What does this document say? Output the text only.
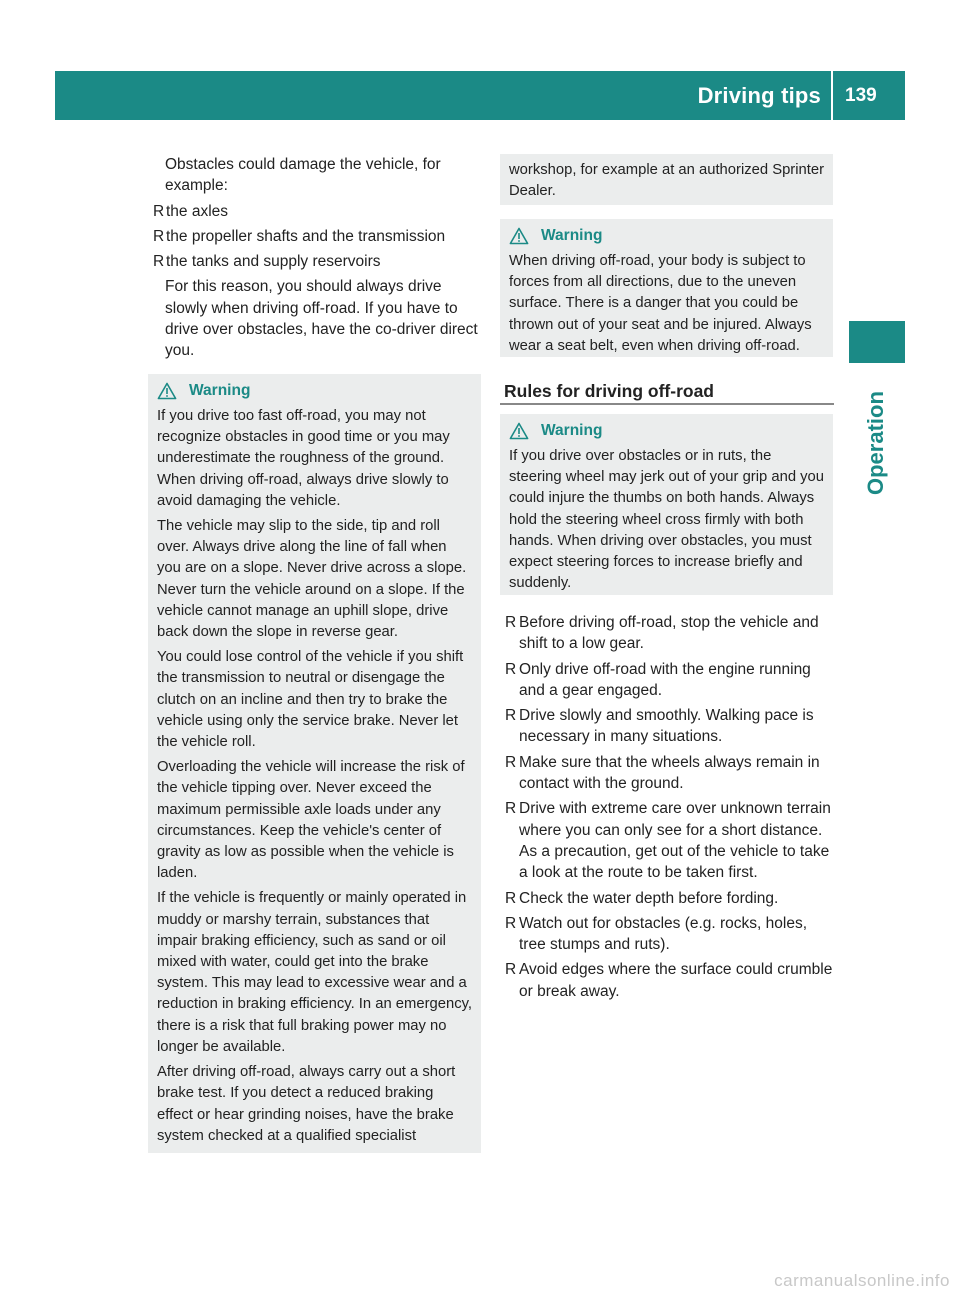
Driving tips 139
Operation

Obstacles could damage the vehicle, for example:

R the axles

R the propeller shafts and the transmission

R the tanks and supply reservoirs

For this reason, you should always drive slowly when driving off-road. If you have to drive over obstacles, have the co-driver direct you.

Warning

If you drive too fast off-road, you may not recognize obstacles in good time or you may underestimate the roughness of the ground. When driving off-road, always drive slowly to avoid damaging the vehicle.

The vehicle may slip to the side, tip and roll over. Always drive along the line of fall when you are on a slope. Never drive across a slope. Never turn the vehicle around on a slope. If the vehicle cannot manage an uphill slope, drive back down the slope in reverse gear.

You could lose control of the vehicle if you shift the transmission to neutral or disengage the clutch on an incline and then try to brake the vehicle using only the service brake. Never let the vehicle roll.

Overloading the vehicle will increase the risk of the vehicle tipping over. Never exceed the maximum permissible axle loads under any circumstances. Keep the vehicle's center of gravity as low as possible when the vehicle is laden.

If the vehicle is frequently or mainly operated in muddy or marshy terrain, substances that impair braking efficiency, such as sand or oil mixed with water, could get into the brake system. This may lead to excessive wear and a reduction in braking efficiency. In an emergency, there is a risk that full braking power may no longer be available.

After driving off-road, always carry out a short brake test. If you detect a reduced braking effect or hear grinding noises, have the brake system checked at a qualified specialist

workshop, for example at an authorized Sprinter Dealer.

Warning

When driving off-road, your body is subject to forces from all directions, due to the uneven surface. There is a danger that you could be thrown out of your seat and be injured. Always wear a seat belt, even when driving off-road.

Rules for driving off-road
Warning

If you drive over obstacles or in ruts, the steering wheel may jerk out of your grip and you could injure the thumbs on both hands. Always hold the steering wheel cross firmly with both hands. When driving over obstacles, you must expect steering forces to increase briefly and suddenly.

R Before driving off-road, stop the vehicle and shift to a low gear.

R Only drive off-road with the engine running and a gear engaged.

R Drive slowly and smoothly. Walking pace is necessary in many situations.

R Make sure that the wheels always remain in contact with the ground.

R Drive with extreme care over unknown terrain where you can only see for a short distance. As a precaution, get out of the vehicle to take a look at the route to be taken first.

R Check the water depth before fording.

R Watch out for obstacles (e.g. rocks, holes, tree stumps and ruts).

R Avoid edges where the surface could crumble or break away.

carmanualsonline.info
